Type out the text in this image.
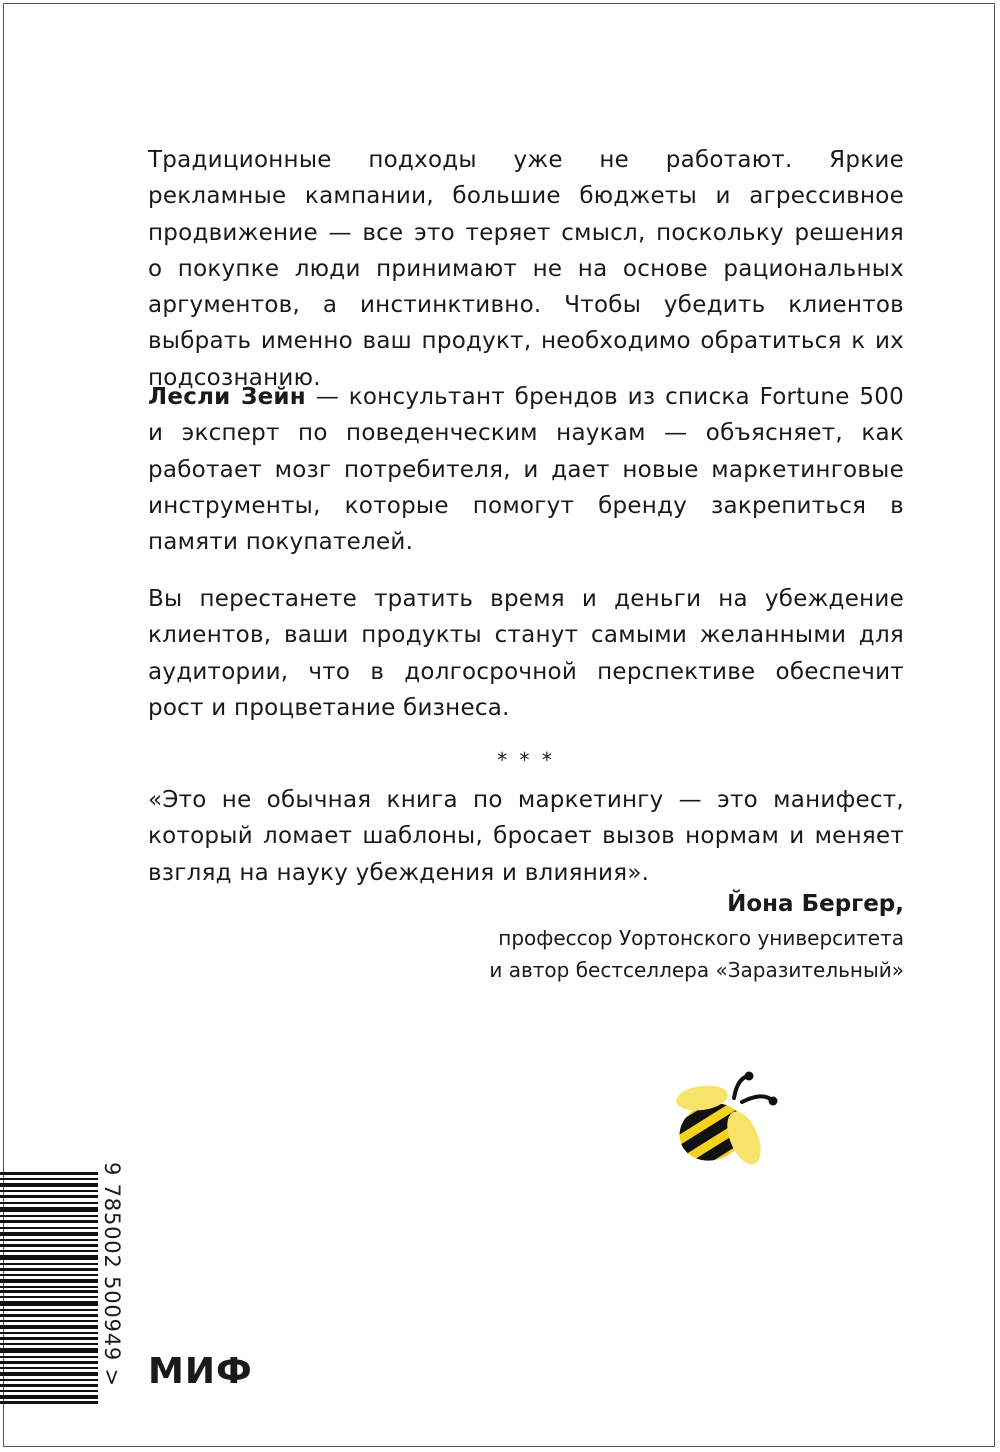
Традиционные подходы уже не работают. Яркие рекламные кампании, большие бюджеты и агрессивное продвижение — все это теряет смысл, поскольку решения о покупке люди принимают не на основе рациональных аргументов, а инстинктивно. Чтобы убедить клиентов выбрать именно ваш продукт, необходимо обратиться к их подсознанию.
Лесли Зейн — консультант брендов из списка Fortune 500 и эксперт по поведенческим наукам — объясняет, как работает мозг потребителя, и дает новые маркетинговые инструменты, которые помогут бренду закрепиться в памяти покупателей.
Вы перестанете тратить время и деньги на убеждение клиентов, ваши продукты станут самыми желанными для аудитории, что в долгосрочной перспективе обеспечит рост и процветание бизнеса.
* * *
«Это не обычная книга по маркетингу — это манифест, который ломает шаблоны, бросает вызов нормам и меняет взгляд на науку убеждения и влияния».
Йона Бергер,
профессор Уортонского университета
и автор бестселлера «Заразительный»
9 785002 500949 > МИФ
